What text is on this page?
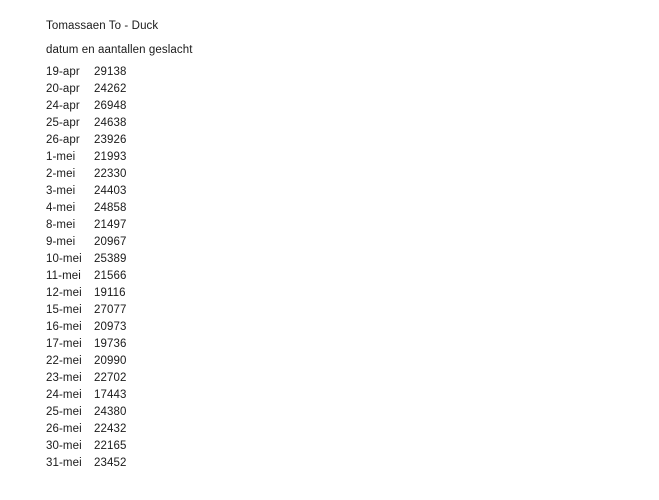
Tomassaen To - Duck
datum en aantallen geslacht
19-apr	29138
20-apr	24262
24-apr	26948
25-apr	24638
26-apr	23926
1-mei	21993
2-mei	22330
3-mei	24403
4-mei	24858
8-mei	21497
9-mei	20967
10-mei	25389
11-mei	21566
12-mei	19116
15-mei	27077
16-mei	20973
17-mei	19736
22-mei	20990
23-mei	22702
24-mei	17443
25-mei	24380
26-mei	22432
30-mei	22165
31-mei	23452
